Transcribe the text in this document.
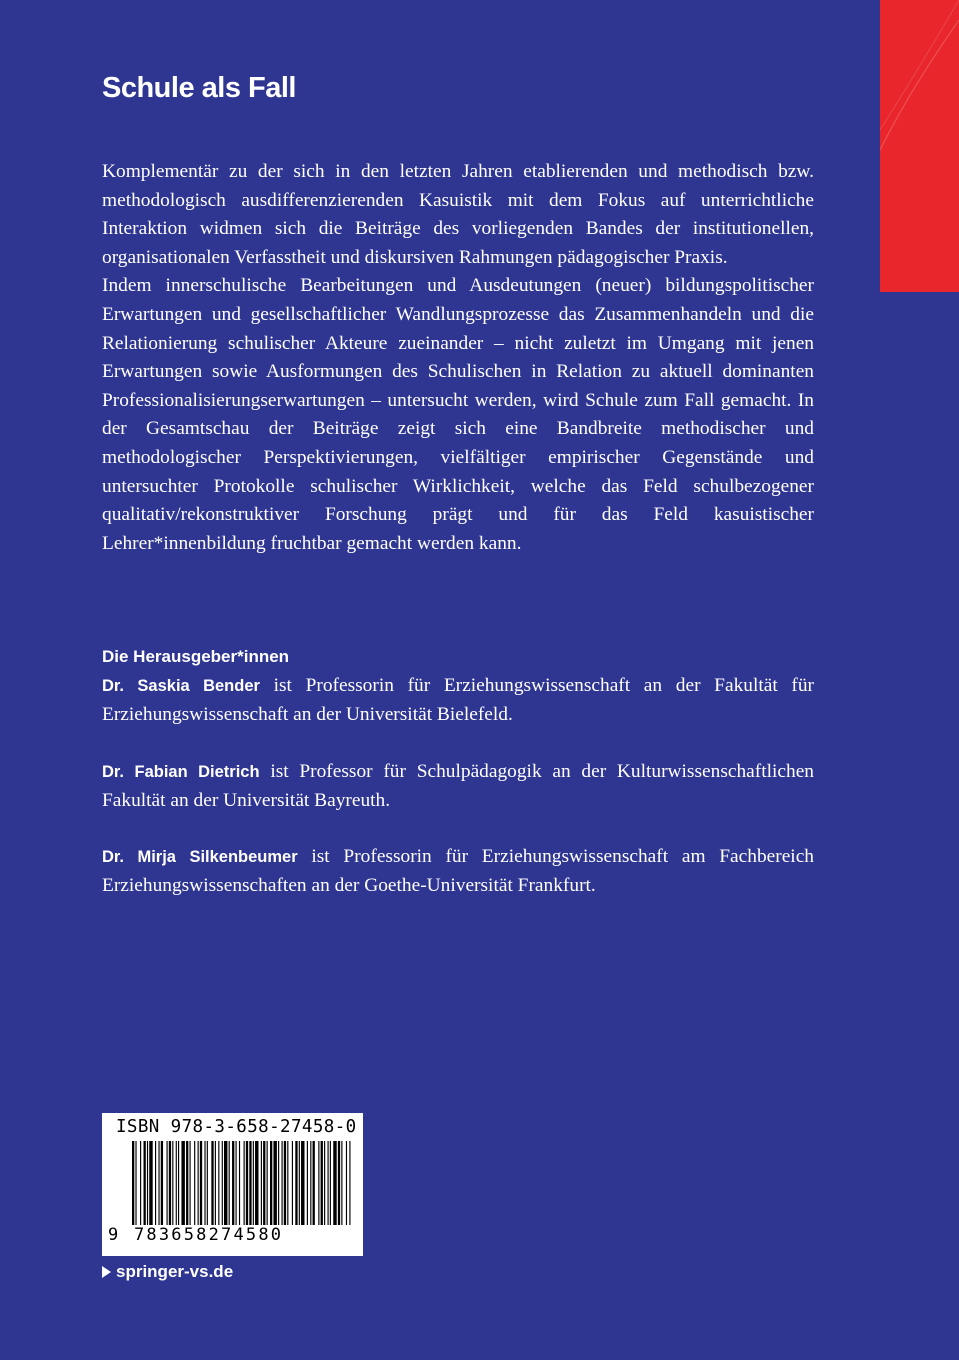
Schule als Fall

Komplementär zu der sich in den letzten Jahren etablierenden und methodisch bzw. methodologisch ausdifferenzierenden Kasuistik mit dem Fokus auf unterrichtliche Interaktion widmen sich die Beiträge des vorliegenden Bandes der institutionellen, organisationalen Verfasstheit und diskursiven Rahmungen pädagogischer Praxis.

Indem innerschulische Bearbeitungen und Ausdeutungen (neuer) bildungspolitischer Erwartungen und gesellschaftlicher Wandlungsprozesse das Zusammenhandeln und die Relationierung schulischer Akteure zueinander – nicht zuletzt im Umgang mit jenen Erwartungen sowie Ausformungen des Schulischen in Relation zu aktuell dominanten Professionalisierungserwartungen – untersucht werden, wird Schule zum Fall gemacht. In der Gesamtschau der Beiträge zeigt sich eine Bandbreite methodischer und methodologischer Perspektivierungen, vielfältiger empirischer Gegenstände und untersuchter Protokolle schulischer Wirklichkeit, welche das Feld schulbezogener qualitativ/rekonstruktiver Forschung prägt und für das Feld kasuistischer Lehrer*innenbildung fruchtbar gemacht werden kann.

Die Herausgeber*innen

Dr. Saskia Bender ist Professorin für Erziehungswissenschaft an der Fakultät für Erziehungswissenschaft an der Universität Bielefeld.

Dr. Fabian Dietrich ist Professor für Schulpädagogik an der Kulturwissenschaftlichen Fakultät an der Universität Bayreuth.

Dr. Mirja Silkenbeumer ist Professorin für Erziehungswissenschaft am Fachbereich Erziehungswissenschaften an der Goethe-Universität Frankfurt.

ISBN 978-3-658-27458-0
9 783658274580
springer-vs.de
